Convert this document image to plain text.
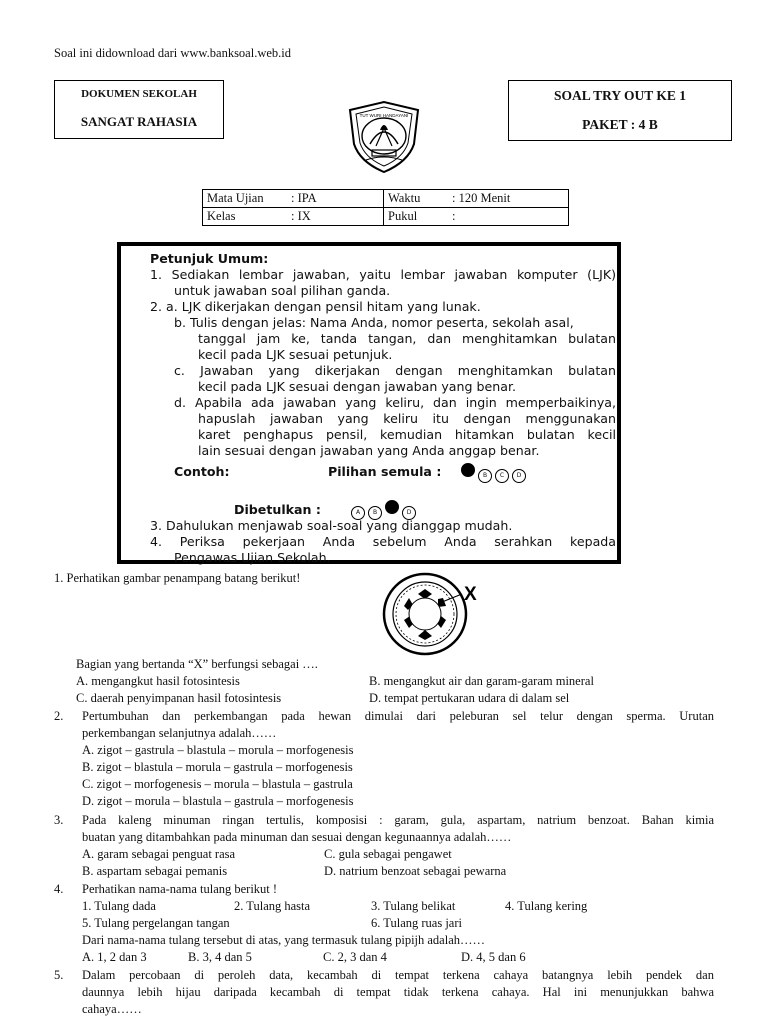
Soal ini didownload dari www.banksoal.web.id
DOKUMEN SEKOLAH
SANGAT RAHASIA
SOAL TRY OUT KE 1
PAKET : 4 B
TUT WURI HANDAYANI
Mata Ujian : IPA	Waktu : 120 Menit
Kelas : IX	Pukul :
Petunjuk Umum:
1. Sediakan lembar jawaban, yaitu lembar jawaban komputer (LJK)
untuk jawaban soal pilihan ganda.
2. a. LJK dikerjakan dengan pensil hitam yang lunak.
b. Tulis dengan jelas: Nama Anda, nomor peserta, sekolah asal,
tanggal jam ke, tanda tangan, dan menghitamkan bulatan
kecil pada LJK sesuai petunjuk.
c. Jawaban yang dikerjakan dengan menghitamkan bulatan
kecil pada LJK sesuai dengan jawaban yang benar.
d. Apabila ada jawaban yang keliru, dan ingin memperbaikinya,
hapuslah jawaban yang keliru itu dengan menggunakan
karet penghapus pensil, kemudian hitamkan bulatan kecil
lain sesuai dengan jawaban yang Anda anggap benar.
Contoh:	Pilihan semula :	B C D
Dibetulkan :	A B	D
3. Dahulukan menjawab soal-soal yang dianggap mudah.
4. Periksa pekerjaan Anda sebelum Anda serahkan kepada
Pengawas Ujian Sekolah.
1. Perhatikan gambar penampang batang berikut!
X
Bagian yang bertanda “X” berfungsi sebagai ….
A. mengangkut hasil fotosintesis	B. mengangkut air dan garam-garam mineral
C. daerah penyimpanan hasil fotosintesis	D. tempat pertukaran udara di dalam sel
2. Pertumbuhan dan perkembangan pada hewan dimulai dari peleburan sel telur dengan sperma. Urutan
perkembangan selanjutnya adalah……
A. zigot – gastrula – blastula – morula – morfogenesis
B. zigot – blastula – morula – gastrula – morfogenesis
C. zigot – morfogenesis – morula – blastula – gastrula
D. zigot – morula – blastula – gastrula – morfogenesis
3. Pada kaleng minuman ringan tertulis, komposisi : garam, gula, aspartam, natrium benzoat. Bahan kimia
buatan yang ditambahkan pada minuman dan sesuai dengan kegunaannya adalah……
A. garam sebagai penguat rasa	C. gula sebagai pengawet
B. aspartam sebagai pemanis	D. natrium benzoat sebagai pewarna
4. Perhatikan nama-nama tulang berikut !
1. Tulang dada	2. Tulang hasta	3. Tulang belikat	4. Tulang kering
5. Tulang pergelangan tangan	6. Tulang ruas jari
Dari nama-nama tulang tersebut di atas, yang termasuk tulang pipijh adalah……
A. 1, 2 dan 3	B. 3, 4 dan 5	C. 2, 3 dan 4	D. 4, 5 dan 6
5. Dalam percobaan di peroleh data, kecambah di tempat terkena cahaya batangnya lebih pendek dan
daunnya lebih hijau daripada kecambah di tempat tidak terkena cahaya. Hal ini menunjukkan bahwa
cahaya……
